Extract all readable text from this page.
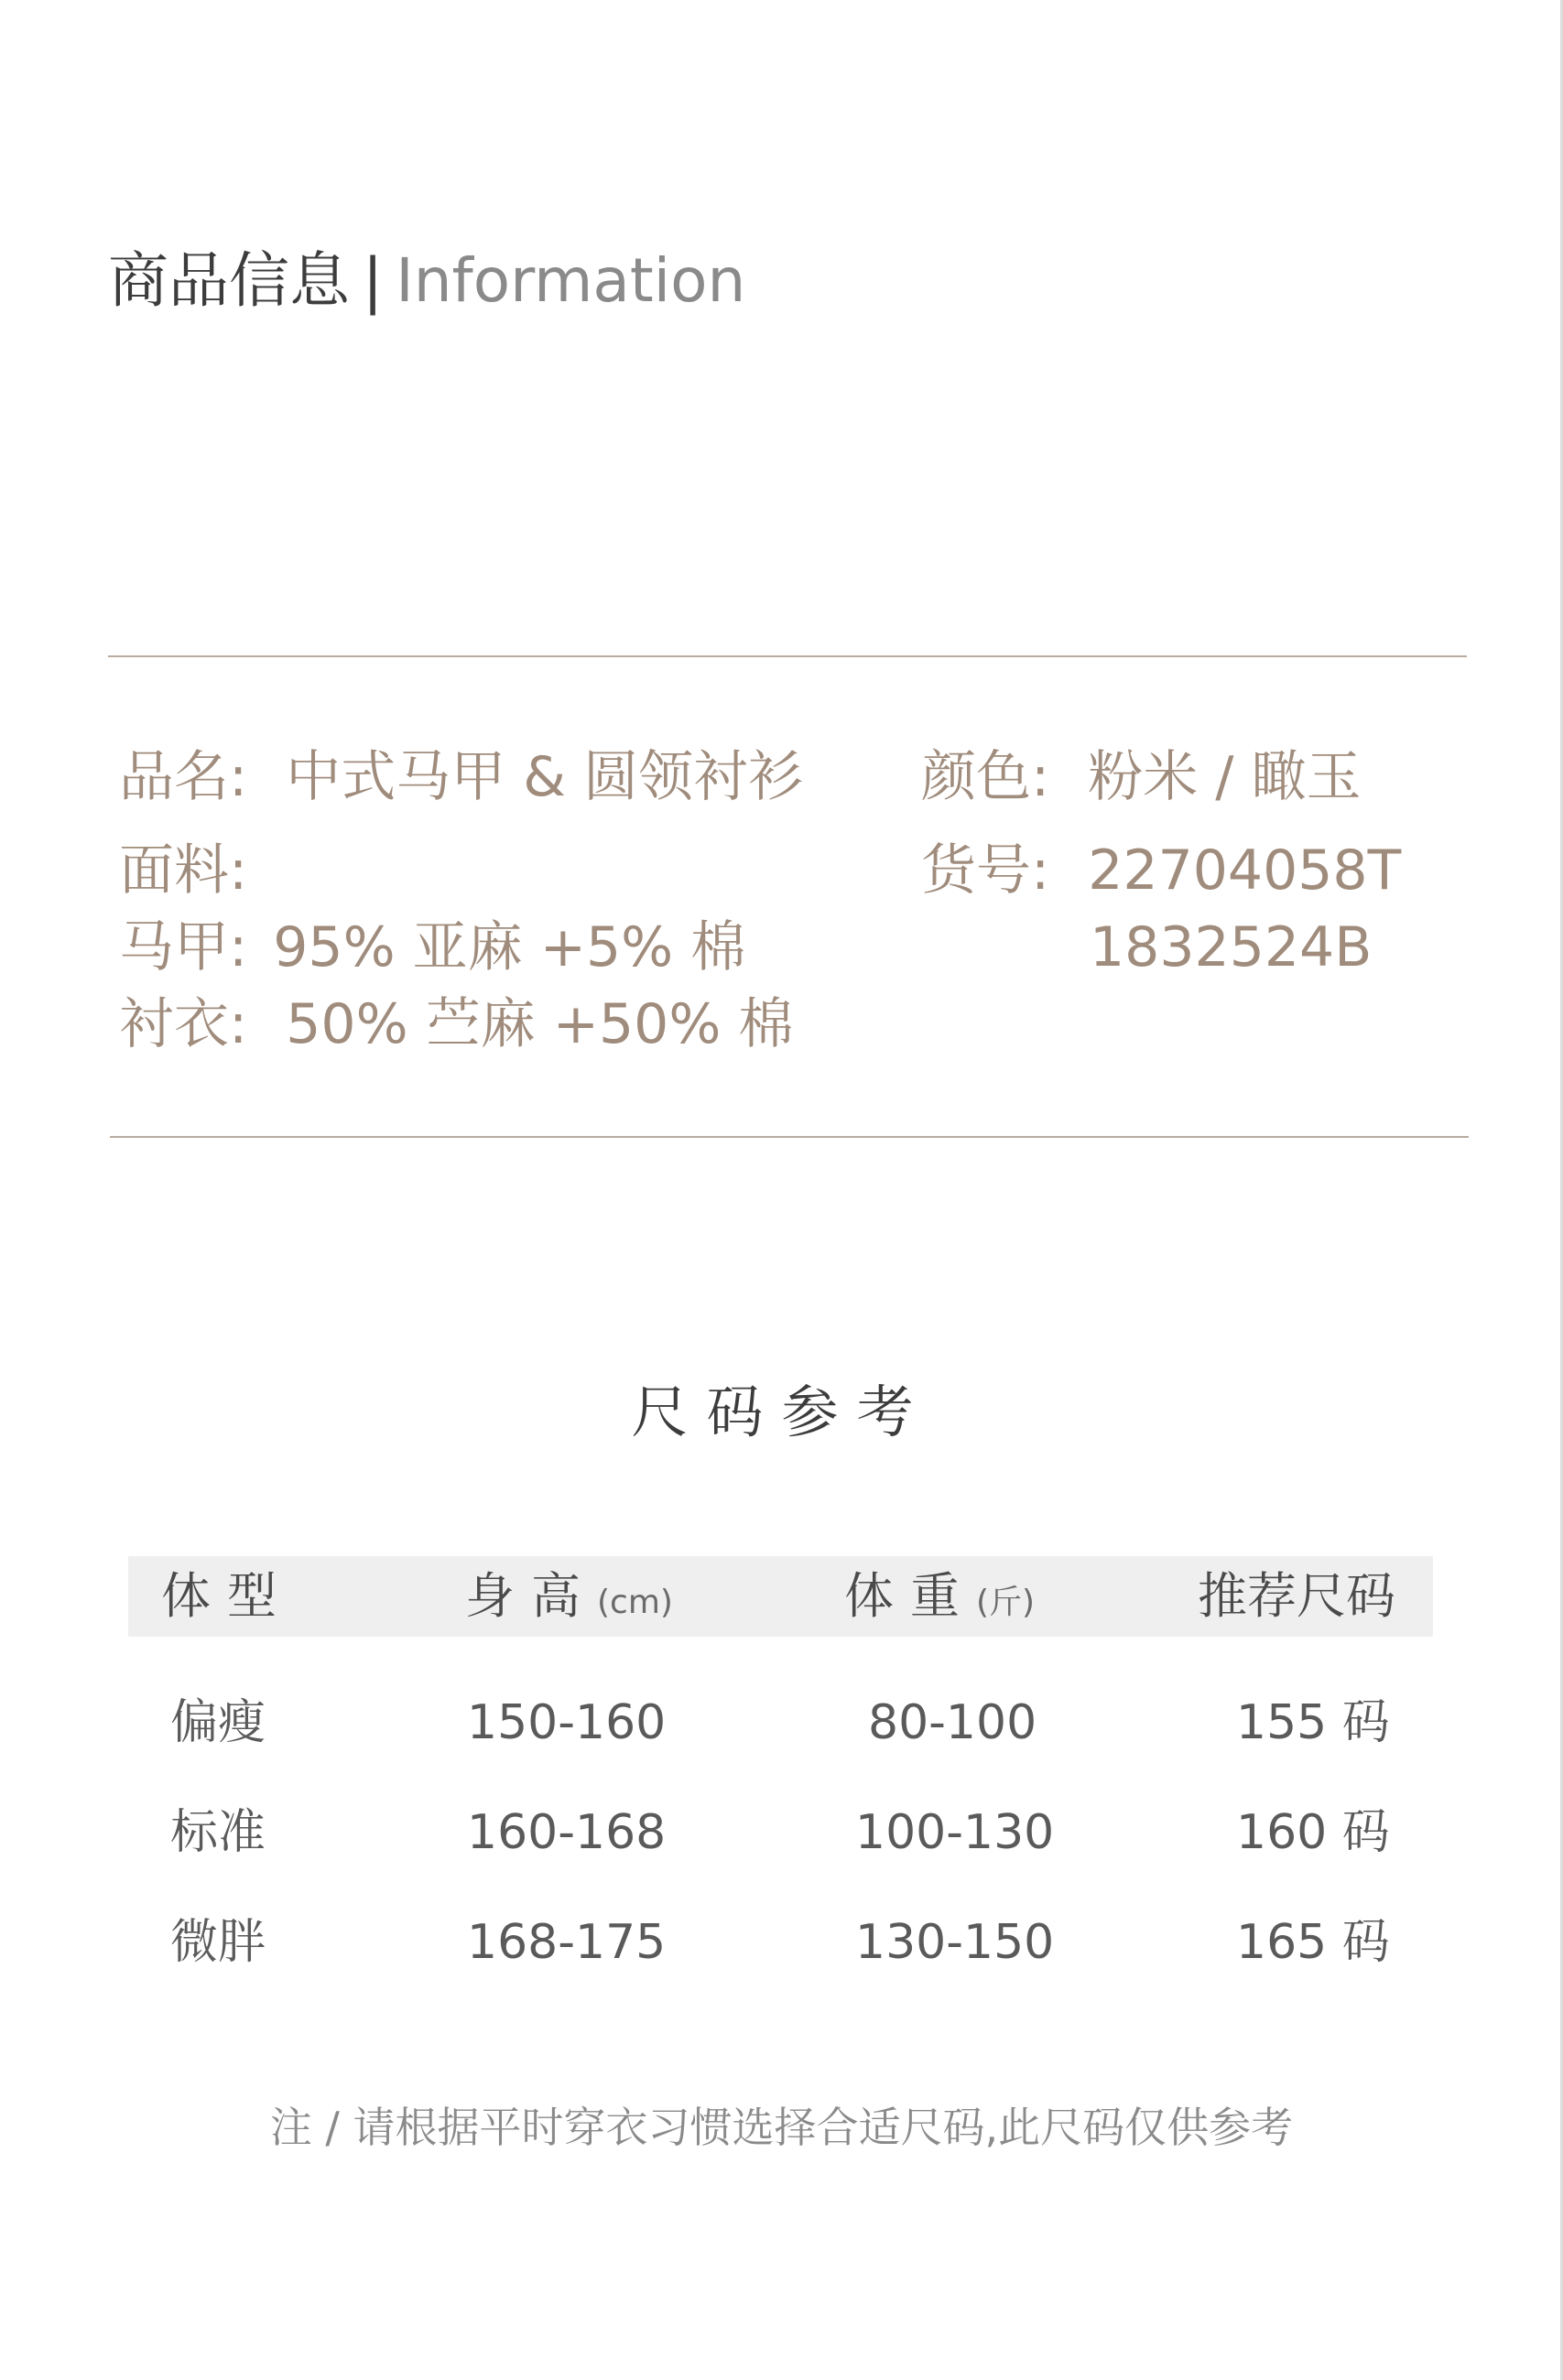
商品信息 | Information
品名: 中式马甲 & 圆领衬衫
面料:
马甲: 95% 亚麻 +5% 棉
衬衣: 50% 苎麻 +50% 棉
颜色: 粉米 / 瞰玉
货号: 22704058T
1832524B
尺码参考
体型	身高(cm)	体重(斤)	推荐尺码
偏瘦	150-160	80-100	155 码
标准	160-168	100-130	160 码
微胖	168-175	130-150	165 码
注 / 请根据平时穿衣习惯选择合适尺码,此尺码仅供参考
